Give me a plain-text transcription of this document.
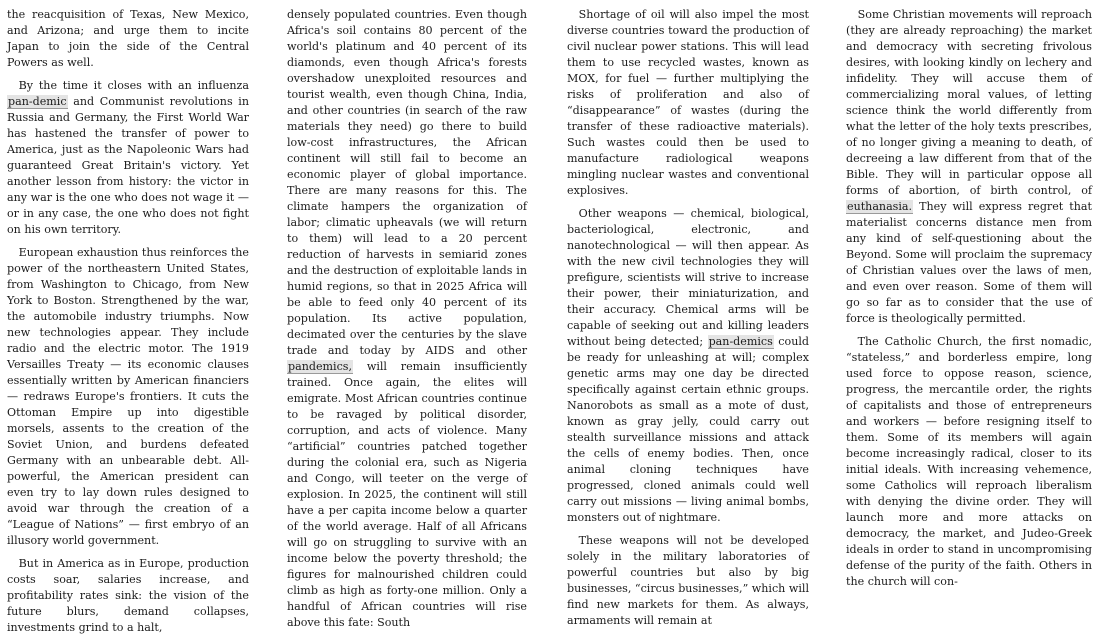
the reacquisition of Texas, New Mexico, and Arizona; and urge them to incite Japan to join the side of the Central Powers as well.

By the time it closes with an influenza pan-demic and Communist revolutions in Russia and Germany, the First World War has hastened the transfer of power to America, just as the Napoleonic Wars had guaranteed Great Britain's victory. Yet another lesson from history: the victor in any war is the one who does not wage it — or in any case, the one who does not fight on his own territory.

European exhaustion thus reinforces the power of the northeastern United States, from Washington to Chicago, from New York to Boston. Strengthened by the war, the automobile industry triumphs. Now new technologies appear. They include radio and the electric motor. The 1919 Versailles Treaty — its economic clauses essentially written by American financiers — redraws Europe's frontiers. It cuts the Ottoman Empire up into digestible morsels, assents to the creation of the Soviet Union, and burdens defeated Germany with an unbearable debt. All-powerful, the American president can even try to lay down rules designed to avoid war through the creation of a “League of Nations” — first embryo of an illusory world government.

But in America as in Europe, production costs soar, salaries increase, and profitability rates sink: the vision of the future blurs, demand collapses, investments grind to a halt,

densely populated countries. Even though Africa's soil contains 80 percent of the world's platinum and 40 percent of its diamonds, even though Africa's forests overshadow unexploited resources and tourist wealth, even though China, India, and other countries (in search of the raw materials they need) go there to build low-cost infrastructures, the African continent will still fail to become an economic player of global importance. There are many reasons for this. The climate hampers the organization of labor; climatic upheavals (we will return to them) will lead to a 20 percent reduction of harvests in semiarid zones and the destruction of exploitable lands in humid regions, so that in 2025 Africa will be able to feed only 40 percent of its population. Its active population, decimated over the centuries by the slave trade and today by AIDS and other pandemics, will remain insufficiently trained. Once again, the elites will emigrate. Most African countries continue to be ravaged by political disorder, corruption, and acts of violence. Many “artificial” countries patched together during the colonial era, such as Nigeria and Congo, will teeter on the verge of explosion. In 2025, the continent will still have a per capita income below a quarter of the world average. Half of all Africans will go on struggling to survive with an income below the poverty threshold; the figures for malnourished children could climb as high as forty-one million. Only a handful of African countries will rise above this fate: South

Shortage of oil will also impel the most diverse countries toward the production of civil nuclear power stations. This will lead them to use recycled wastes, known as MOX, for fuel — further multiplying the risks of proliferation and also of “disappearance” of wastes (during the transfer of these radioactive materials). Such wastes could then be used to manufacture radiological weapons mingling nuclear wastes and conventional explosives.

Other weapons — chemical, biological, bacteriological, electronic, and nanotechnological — will then appear. As with the new civil technologies they will prefigure, scientists will strive to increase their power, their miniaturization, and their accuracy. Chemical arms will be capable of seeking out and killing leaders without being detected; pan-demics could be ready for unleashing at will; complex genetic arms may one day be directed specifically against certain ethnic groups. Nanorobots as small as a mote of dust, known as gray jelly, could carry out stealth surveillance missions and attack the cells of enemy bodies. Then, once animal cloning techniques have progressed, cloned animals could well carry out missions — living animal bombs, monsters out of nightmare.

These weapons will not be developed solely in the military laboratories of powerful countries but also by big businesses, “circus businesses,” which will find new markets for them. As always, armaments will remain at

Some Christian movements will reproach (they are already reproaching) the market and democracy with secreting frivolous desires, with looking kindly on lechery and infidelity. They will accuse them of commercializing moral values, of letting science think the world differently from what the letter of the holy texts prescribes, of no longer giving a meaning to death, of decreeing a law different from that of the Bible. They will in particular oppose all forms of abortion, of birth control, of euthanasia. They will express regret that materialist concerns distance men from any kind of self-questioning about the Beyond. Some will proclaim the supremacy of Christian values over the laws of men, and even over reason. Some of them will go so far as to consider that the use of force is theologically permitted.

The Catholic Church, the first nomadic, “stateless,” and borderless empire, long used force to oppose reason, science, progress, the mercantile order, the rights of capitalists and those of entrepreneurs and workers — before resigning itself to them. Some of its members will again become increasingly radical, closer to its initial ideals. With increasing vehemence, some Catholics will reproach liberalism with denying the divine order. They will launch more and more attacks on democracy, the market, and Judeo-Greek ideals in order to stand in uncompromising defense of the purity of the faith. Others in the church will con-
